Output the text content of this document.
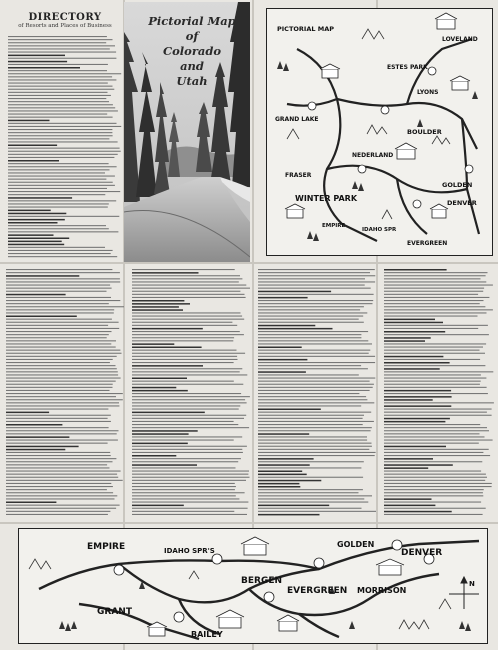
DIRECTORY
of Resorts and Places of Business	Pictorial Map
of
Colorado
and
Utah
PICTORIAL MAP
LOVELAND
GRAND LAKE
ESTES PARK
LYONS
BOULDER
NEDERLAND
FRASER
WINTER PARK
GOLDEN
DENVER
EVERGREEN
IDAHO SPR
EMPIRE
N
EMPIRE	IDAHO SPR'S
GOLDEN
DENVER
BERGEN
EVERGREEN MORRISON
GRANT
BAILEY
